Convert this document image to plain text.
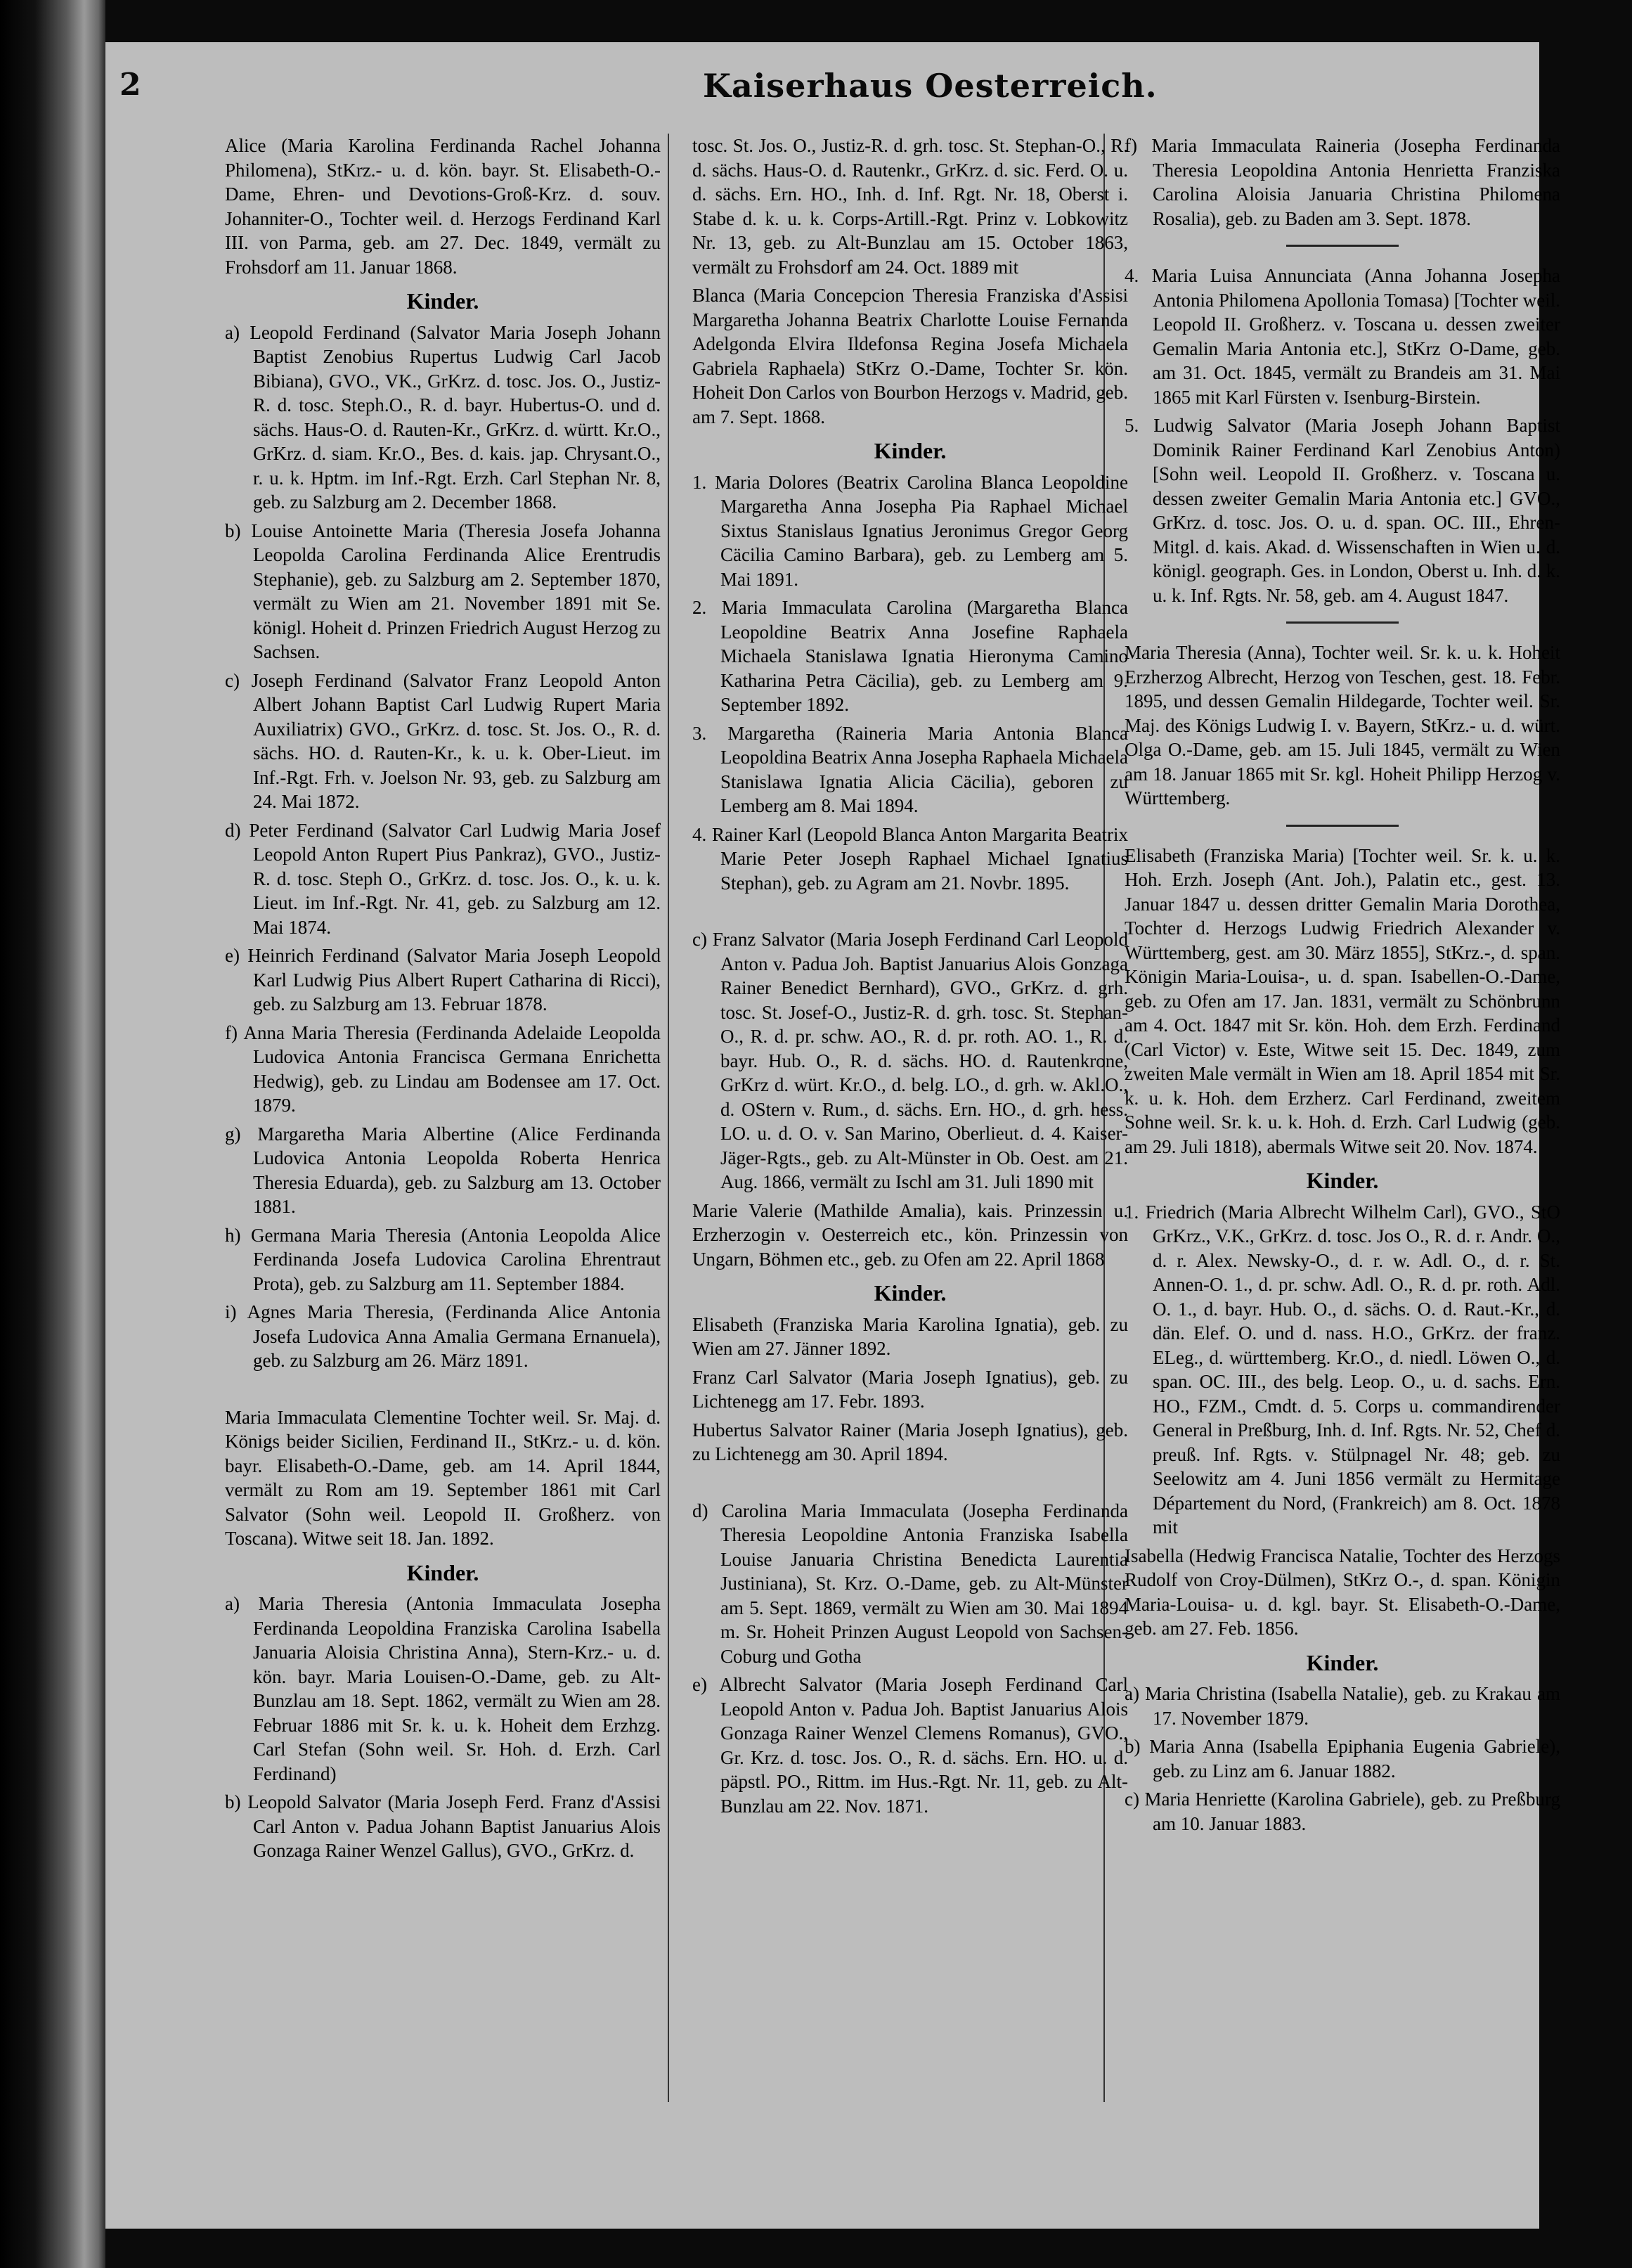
2	Kaiserhaus Oesterreich.

Alice (Maria Karolina Ferdinanda Rachel Johanna Philomena), StKrz.- u. d. kön. bayr. St. Elisabeth-O.-Dame, Ehren- und Devotions-Groß-Krz. d. souv. Johanniter-O., Tochter weil. d. Herzogs Ferdinand Karl III. von Parma, geb. am 27. Dec. 1849, vermält zu Frohsdorf am 11. Januar 1868.

Kinder.

a) Leopold Ferdinand (Salvator Maria Joseph Johann Baptist Zenobius Rupertus Ludwig Carl Jacob Bibiana), GVO., VK., GrKrz. d. tosc. Jos. O., Justiz-R. d. tosc. Steph.O., R. d. bayr. Hubertus-O. und d. sächs. Haus-O. d. Rauten-Kr., GrKrz. d. württ. Kr.O., GrKrz. d. siam. Kr.O., Bes. d. kais. jap. Chrysant.O., r. u. k. Hptm. im Inf.-Rgt. Erzh. Carl Stephan Nr. 8, geb. zu Salzburg am 2. December 1868.

b) Louise Antoinette Maria (Theresia Josefa Johanna Leopolda Carolina Ferdinanda Alice Erentrudis Stephanie), geb. zu Salzburg am 2. September 1870, vermält zu Wien am 21. November 1891 mit Se. königl. Hoheit d. Prinzen Friedrich August Herzog zu Sachsen.

c) Joseph Ferdinand (Salvator Franz Leopold Anton Albert Johann Baptist Carl Ludwig Rupert Maria Auxiliatrix) GVO., GrKrz. d. tosc. St. Jos. O., R. d. sächs. HO. d. Rauten-Kr., k. u. k. Ober-Lieut. im Inf.-Rgt. Frh. v. Joelson Nr. 93, geb. zu Salzburg am 24. Mai 1872.

d) Peter Ferdinand (Salvator Carl Ludwig Maria Josef Leopold Anton Rupert Pius Pankraz), GVO., Justiz-R. d. tosc. Steph O., GrKrz. d. tosc. Jos. O., k. u. k. Lieut. im Inf.-Rgt. Nr. 41, geb. zu Salzburg am 12. Mai 1874.

e) Heinrich Ferdinand (Salvator Maria Joseph Leopold Karl Ludwig Pius Albert Rupert Catharina di Ricci), geb. zu Salzburg am 13. Februar 1878.

f) Anna Maria Theresia (Ferdinanda Adelaide Leopolda Ludovica Antonia Francisca Germana Enrichetta Hedwig), geb. zu Lindau am Bodensee am 17. Oct. 1879.

g) Margaretha Maria Albertine (Alice Ferdinanda Ludovica Antonia Leopolda Roberta Henrica Theresia Eduarda), geb. zu Salzburg am 13. October 1881.

h) Germana Maria Theresia (Antonia Leopolda Alice Ferdinanda Josefa Ludovica Carolina Ehrentraut Prota), geb. zu Salzburg am 11. September 1884.

i) Agnes Maria Theresia, (Ferdinanda Alice Antonia Josefa Ludovica Anna Amalia Germana Ernanuela), geb. zu Salzburg am 26. März 1891.

Maria Immaculata Clementine Tochter weil. Sr. Maj. d. Königs beider Sicilien, Ferdinand II., StKrz.- u. d. kön. bayr. Elisabeth-O.-Dame, geb. am 14. April 1844, vermält zu Rom am 19. September 1861 mit Carl Salvator (Sohn weil. Leopold II. Großherz. von Toscana). Witwe seit 18. Jan. 1892.

Kinder.

a) Maria Theresia (Antonia Immaculata Josepha Ferdinanda Leopoldina Franziska Carolina Isabella Januaria Aloisia Christina Anna), Stern-Krz.- u. d. kön. bayr. Maria Louisen-O.-Dame, geb. zu Alt-Bunzlau am 18. Sept. 1862, vermält zu Wien am 28. Februar 1886 mit Sr. k. u. k. Hoheit dem Erzhzg. Carl Stefan (Sohn weil. Sr. Hoh. d. Erzh. Carl Ferdinand)

b) Leopold Salvator (Maria Joseph Ferd. Franz d'Assisi Carl Anton v. Padua Johann Baptist Januarius Alois Gonzaga Rainer Wenzel Gallus), GVO., GrKrz. d.

tosc. St. Jos. O., Justiz-R. d. grh. tosc. St. Stephan-O., R. d. sächs. Haus-O. d. Rautenkr., GrKrz. d. sic. Ferd. O. u. d. sächs. Ern. HO., Inh. d. Inf. Rgt. Nr. 18, Oberst i. Stabe d. k. u. k. Corps-Artill.-Rgt. Prinz v. Lobkowitz Nr. 13, geb. zu Alt-Bunzlau am 15. October 1863, vermält zu Frohsdorf am 24. Oct. 1889 mit

Blanca (Maria Concepcion Theresia Franziska d'Assisi Margaretha Johanna Beatrix Charlotte Louise Fernanda Adelgonda Elvira Ildefonsa Regina Josefa Michaela Gabriela Raphaela) StKrz O.-Dame, Tochter Sr. kön. Hoheit Don Carlos von Bourbon Herzogs v. Madrid, geb. am 7. Sept. 1868.

Kinder.

1. Maria Dolores (Beatrix Carolina Blanca Leopoldine Margaretha Anna Josepha Pia Raphael Michael Sixtus Stanislaus Ignatius Jeronimus Gregor Georg Cäcilia Camino Barbara), geb. zu Lemberg am 5. Mai 1891.

2. Maria Immaculata Carolina (Margaretha Blanca Leopoldine Beatrix Anna Josefine Raphaela Michaela Stanislawa Ignatia Hieronyma Camino Katharina Petra Cäcilia), geb. zu Lemberg am 9. September 1892.

3. Margaretha (Raineria Maria Antonia Blanca Leopoldina Beatrix Anna Josepha Raphaela Michaela Stanislawa Ignatia Alicia Cäcilia), geboren zu Lemberg am 8. Mai 1894.

4. Rainer Karl (Leopold Blanca Anton Margarita Beatrix Marie Peter Joseph Raphael Michael Ignatius Stephan), geb. zu Agram am 21. Novbr. 1895.

c) Franz Salvator (Maria Joseph Ferdinand Carl Leopold Anton v. Padua Joh. Baptist Januarius Alois Gonzaga Rainer Benedict Bernhard), GVO., GrKrz. d. grh. tosc. St. Josef-O., Justiz-R. d. grh. tosc. St. Stephan-O., R. d. pr. schw. AO., R. d. pr. roth. AO. 1., R. d. bayr. Hub. O., R. d. sächs. HO. d. Rautenkrone, GrKrz d. würt. Kr.O., d. belg. LO., d. grh. w. Akl.O., d. OStern v. Rum., d. sächs. Ern. HO., d. grh. hess. LO. u. d. O. v. San Marino, Oberlieut. d. 4. Kaiser-Jäger-Rgts., geb. zu Alt-Münster in Ob. Oest. am 21. Aug. 1866, vermält zu Ischl am 31. Juli 1890 mit

Marie Valerie (Mathilde Amalia), kais. Prinzessin u. Erzherzogin v. Oesterreich etc., kön. Prinzessin von Ungarn, Böhmen etc., geb. zu Ofen am 22. April 1868

Kinder.

Elisabeth (Franziska Maria Karolina Ignatia), geb. zu Wien am 27. Jänner 1892.

Franz Carl Salvator (Maria Joseph Ignatius), geb. zu Lichtenegg am 17. Febr. 1893.

Hubertus Salvator Rainer (Maria Joseph Ignatius), geb. zu Lichtenegg am 30. April 1894.

d) Carolina Maria Immaculata (Josepha Ferdinanda Theresia Leopoldine Antonia Franziska Isabella Louise Januaria Christina Benedicta Laurentia Justiniana), St. Krz. O.-Dame, geb. zu Alt-Münster am 5. Sept. 1869, vermält zu Wien am 30. Mai 1894 m. Sr. Hoheit Prinzen August Leopold von Sachsen-Coburg und Gotha

e) Albrecht Salvator (Maria Joseph Ferdinand Carl Leopold Anton v. Padua Joh. Baptist Januarius Alois Gonzaga Rainer Wenzel Clemens Romanus), GVO., Gr. Krz. d. tosc. Jos. O., R. d. sächs. Ern. HO. u. d. päpstl. PO., Rittm. im Hus.-Rgt. Nr. 11, geb. zu Alt-Bunzlau am 22. Nov. 1871.

f) Maria Immaculata Raineria (Josepha Ferdinanda Theresia Leopoldina Antonia Henrietta Franziska Carolina Aloisia Januaria Christina Philomena Rosalia), geb. zu Baden am 3. Sept. 1878.

4. Maria Luisa Annunciata (Anna Johanna Josepha Antonia Philomena Apollonia Tomasa) [Tochter weil. Leopold II. Großherz. v. Toscana u. dessen zweiter Gemalin Maria Antonia etc.], StKrz O-Dame, geb. am 31. Oct. 1845, vermält zu Brandeis am 31. Mai 1865 mit Karl Fürsten v. Isenburg-Birstein.

5. Ludwig Salvator (Maria Joseph Johann Baptist Dominik Rainer Ferdinand Karl Zenobius Anton) [Sohn weil. Leopold II. Großherz. v. Toscana u. dessen zweiter Gemalin Maria Antonia etc.] GVO., GrKrz. d. tosc. Jos. O. u. d. span. OC. III., Ehren-Mitgl. d. kais. Akad. d. Wissenschaften in Wien u. d. königl. geograph. Ges. in London, Oberst u. Inh. d. k. u. k. Inf. Rgts. Nr. 58, geb. am 4. August 1847.

Maria Theresia (Anna), Tochter weil. Sr. k. u. k. Hoheit Erzherzog Albrecht, Herzog von Teschen, gest. 18. Febr. 1895, und dessen Gemalin Hildegarde, Tochter weil. Sr. Maj. des Königs Ludwig I. v. Bayern, StKrz.- u. d. würt. Olga O.-Dame, geb. am 15. Juli 1845, vermält zu Wien am 18. Januar 1865 mit Sr. kgl. Hoheit Philipp Herzog v. Württemberg.

Elisabeth (Franziska Maria) [Tochter weil. Sr. k. u. k. Hoh. Erzh. Joseph (Ant. Joh.), Palatin etc., gest. 13. Januar 1847 u. dessen dritter Gemalin Maria Dorothea, Tochter d. Herzogs Ludwig Friedrich Alexander v. Württemberg, gest. am 30. März 1855], StKrz.-, d. span. Königin Maria-Louisa-, u. d. span. Isabellen-O.-Dame, geb. zu Ofen am 17. Jan. 1831, vermält zu Schönbrunn am 4. Oct. 1847 mit Sr. kön. Hoh. dem Erzh. Ferdinand (Carl Victor) v. Este, Witwe seit 15. Dec. 1849, zum zweiten Male vermält in Wien am 18. April 1854 mit Sr. k. u. k. Hoh. dem Erzherz. Carl Ferdinand, zweitem Sohne weil. Sr. k. u. k. Hoh. d. Erzh. Carl Ludwig (geb. am 29. Juli 1818), abermals Witwe seit 20. Nov. 1874.

Kinder.

1. Friedrich (Maria Albrecht Wilhelm Carl), GVO., StO GrKrz., V.K., GrKrz. d. tosc. Jos O., R. d. r. Andr. O., d. r. Alex. Newsky-O., d. r. w. Adl. O., d. r. St. Annen-O. 1., d. pr. schw. Adl. O., R. d. pr. roth. Adl. O. 1., d. bayr. Hub. O., d. sächs. O. d. Raut.-Kr., d. dän. Elef. O. und d. nass. H.O., GrKrz. der franz. ELeg., d. württemberg. Kr.O., d. niedl. Löwen O., d. span. OC. III., des belg. Leop. O., u. d. sachs. Ern. HO., FZM., Cmdt. d. 5. Corps u. commandirender General in Preßburg, Inh. d. Inf. Rgts. Nr. 52, Chef d. preuß. Inf. Rgts. v. Stülpnagel Nr. 48; geb. zu Seelowitz am 4. Juni 1856 vermält zu Hermitage Département du Nord, (Frankreich) am 8. Oct. 1878 mit

Isabella (Hedwig Francisca Natalie, Tochter des Herzogs Rudolf von Croy-Dülmen), StKrz O.-, d. span. Königin Maria-Louisa- u. d. kgl. bayr. St. Elisabeth-O.-Dame, geb. am 27. Feb. 1856.

Kinder.

a) Maria Christina (Isabella Natalie), geb. zu Krakau am 17. November 1879.

b) Maria Anna (Isabella Epiphania Eugenia Gabriele), geb. zu Linz am 6. Januar 1882.

c) Maria Henriette (Karolina Gabriele), geb. zu Preßburg am 10. Januar 1883.
